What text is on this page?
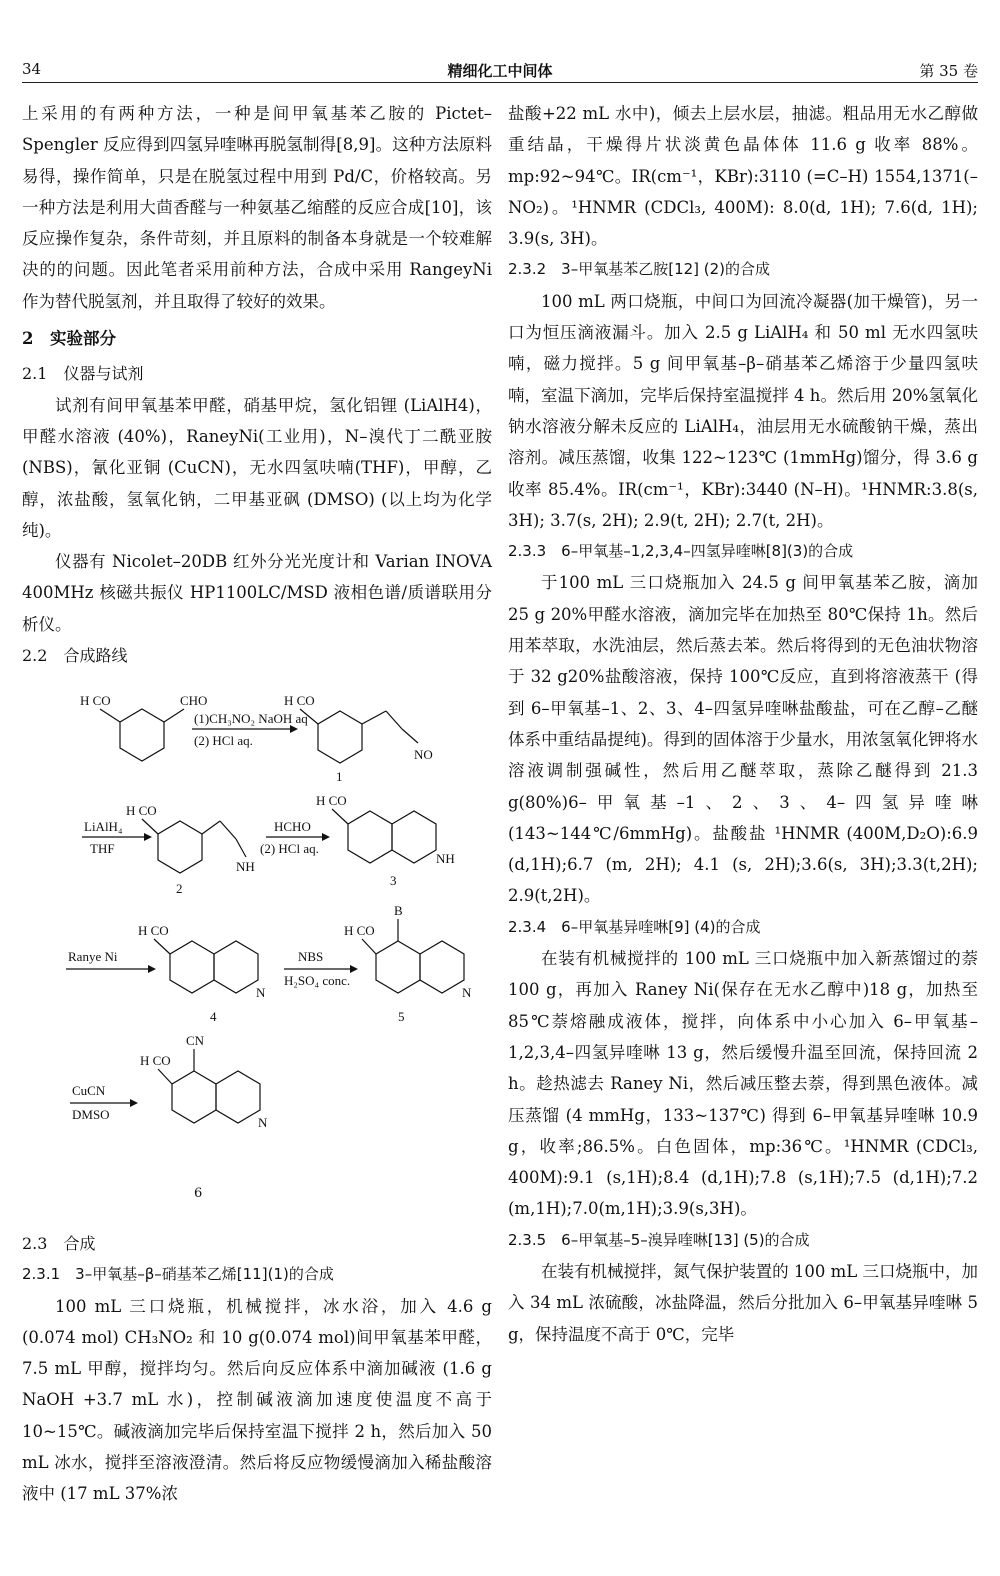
34	精细化工中间体	第 35 卷

上采用的有两种方法，一种是间甲氧基苯乙胺的 Pictet–Spengler 反应得到四氢异喹啉再脱氢制得[8,9]。这种方法原料易得，操作简单，只是在脱氢过程中用到 Pd/C，价格较高。另一种方法是利用大茴香醛与一种氨基乙缩醛的反应合成[10]，该反应操作复杂，条件苛刻，并且原料的制备本身就是一个较难解决的的问题。因此笔者采用前种方法，合成中采用 RangeyNi 作为替代脱氢剂，并且取得了较好的效果。

2　实验部分
2.1　仪器与试剂

试剂有间甲氧基苯甲醛，硝基甲烷，氢化铝锂 (LiAlH4)，甲醛水溶液 (40%)，RaneyNi(工业用)，N–溴代丁二酰亚胺 (NBS)，氰化亚铜 (CuCN)，无水四氢呋喃(THF)，甲醇，乙醇，浓盐酸，氢氧化钠，二甲基亚砜 (DMSO) (以上均为化学纯)。

仪器有 Nicolet–20DB 红外分光光度计和 Varian INOVA 400MHz 核磁共振仪 HP1100LC/MSD 液相色谱/质谱联用分析仪。

2.2　合成路线
H CO	CHO
(1)CH₃NO₂ NaOH aq
(2) HCl aq.
H CO
NO
1
LiAlH₄
THF
H CO
NH
2
HCHO
(2) HCl aq.
H CO
NH
3
Ranye Ni
H CO
N
4
NBS
H₂SO₄ conc.
H CO
B
N
5
CuCN
DMSO
H CO
CN
N
6
2.3　合成
2.3.1　3–甲氧基–β–硝基苯乙烯[11](1)的合成

100 mL 三口烧瓶，机械搅拌，冰水浴，加入 4.6 g (0.074 mol) CH₃NO₂ 和 10 g(0.074 mol)间甲氧基苯甲醛，7.5 mL 甲醇，搅拌均匀。然后向反应体系中滴加碱液 (1.6 g NaOH +3.7 mL 水)，控制碱液滴加速度使温度不高于 10~15℃。碱液滴加完毕后保持室温下搅拌 2 h，然后加入 50 mL 冰水，搅拌至溶液澄清。然后将反应物缓慢滴加入稀盐酸溶液中 (17 mL 37%浓

盐酸+22 mL 水中)，倾去上层水层，抽滤。粗品用无水乙醇做重结晶，干燥得片状淡黄色晶体体 11.6 g 收率 88%。mp:92~94℃。IR(cm⁻¹，KBr):3110 (=C–H) 1554,1371(–NO₂)。¹HNMR (CDCl₃, 400M): 8.0(d, 1H); 7.6(d, 1H); 3.9(s, 3H)。

2.3.2　3–甲氧基苯乙胺[12] (2)的合成

100 mL 两口烧瓶，中间口为回流冷凝器(加干燥管)，另一口为恒压滴液漏斗。加入 2.5 g LiAlH₄ 和 50 ml 无水四氢呋喃，磁力搅拌。5 g 间甲氧基–β–硝基苯乙烯溶于少量四氢呋喃，室温下滴加，完毕后保持室温搅拌 4 h。然后用 20%氢氧化钠水溶液分解未反应的 LiAlH₄，油层用无水硫酸钠干燥，蒸出溶剂。减压蒸馏，收集 122~123℃ (1mmHg)馏分，得 3.6 g 收率 85.4%。IR(cm⁻¹，KBr):3440 (N–H)。¹HNMR:3.8(s, 3H); 3.7(s, 2H); 2.9(t, 2H); 2.7(t, 2H)。

2.3.3　6–甲氧基–1,2,3,4–四氢异喹啉[8](3)的合成

于100 mL 三口烧瓶加入 24.5 g 间甲氧基苯乙胺，滴加 25 g 20%甲醛水溶液，滴加完毕在加热至 80℃保持 1h。然后用苯萃取，水洗油层，然后蒸去苯。然后将得到的无色油状物溶于 32 g20%盐酸溶液，保持 100℃反应，直到将溶液蒸干 (得到 6–甲氧基–1、2、3、4–四氢异喹啉盐酸盐，可在乙醇–乙醚体系中重结晶提纯)。得到的固体溶于少量水，用浓氢氧化钾将水溶液调制强碱性，然后用乙醚萃取，蒸除乙醚得到 21.3 g(80%)6–甲氧基–1、2、3、4–四氢异喹啉 (143~144℃/6mmHg)。盐酸盐 ¹HNMR (400M,D₂O):6.9 (d,1H);6.7 (m, 2H); 4.1 (s, 2H);3.6(s, 3H);3.3(t,2H); 2.9(t,2H)。

2.3.4　6–甲氧基异喹啉[9] (4)的合成

在装有机械搅拌的 100 mL 三口烧瓶中加入新蒸馏过的萘 100 g，再加入 Raney Ni(保存在无水乙醇中)18 g，加热至 85℃萘熔融成液体，搅拌，向体系中小心加入 6–甲氧基–1,2,3,4–四氢异喹啉 13 g，然后缓慢升温至回流，保持回流 2 h。趁热滤去 Raney Ni，然后减压整去萘，得到黑色液体。减压蒸馏 (4 mmHg，133~137℃) 得到 6–甲氧基异喹啉 10.9 g，收率;86.5%。白色固体，mp:36℃。¹HNMR (CDCl₃, 400M):9.1 (s,1H);8.4 (d,1H);7.8 (s,1H);7.5 (d,1H);7.2 (m,1H);7.0(m,1H);3.9(s,3H)。

2.3.5　6–甲氧基–5–溴异喹啉[13] (5)的合成

在装有机械搅拌，氮气保护装置的 100 mL 三口烧瓶中，加入 34 mL 浓硫酸，冰盐降温，然后分批加入 6–甲氧基异喹啉 5 g，保持温度不高于 0℃，完毕
